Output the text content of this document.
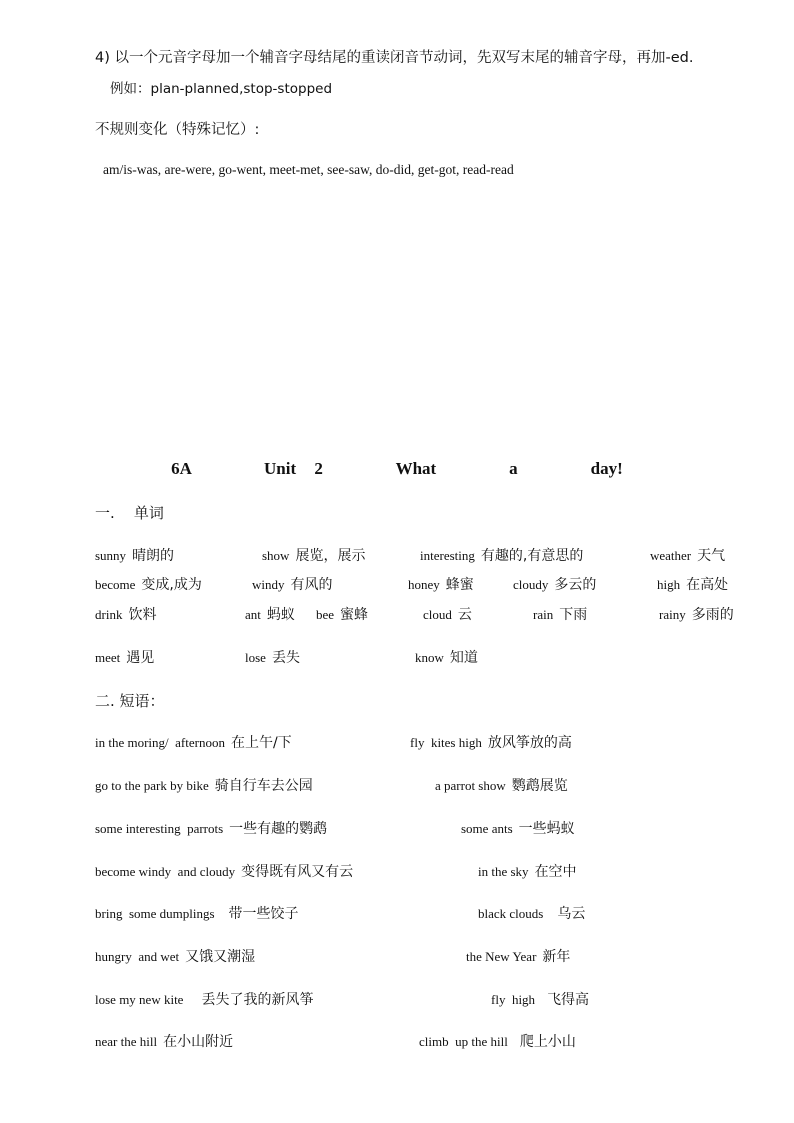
4) 以一个元音字母加一个辅音字母结尾的重读闭音节动词，先双写末尾的辅音字母，再加-ed.
例如：plan-planned,stop-stopped
不规则变化（特殊记忆）:
am/is-was, are-were, go-went, meet-met, see-saw, do-did, get-got, read-read
6A    Unit 2    What    a    day!
一.    单词
sunny 晴朗的	show 展览，展示	interesting 有趣的,有意思的	weather 天气
become 变成,成为	windy 有风的	honey 蜂蜜	cloudy 多云的	high 在高处
drink 饮料	ant 蚂蚁 bee 蜜蜂	cloud 云	rain 下雨	rainy 多雨的
meet 遇见	lose 丢失	know 知道
二. 短语：
in the moring/  afternoon 在上午/下	fly  kites high 放风筝放的高
go to the park by bike 骑自行车去公园	a parrot show 鹦鹉展览
some interesting  parrots 一些有趣的鹦鹉	some ants 一些蚂蚁
become windy  and cloudy 变得既有风又有云	in the sky 在空中
bring  some dumplings 带一些饺子	black clouds 乌云
hungry  and wet 又饿又潮湿	the New Year 新年
lose my new kite 丢失了我的新风筝	fly  high 飞得高
near the hill 在小山附近	climb  up the hill 爬上小山
